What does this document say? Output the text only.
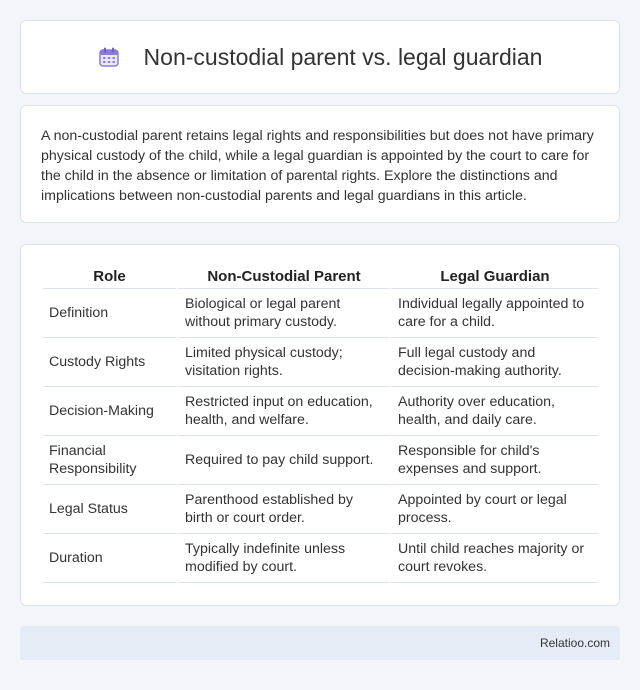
Non-custodial parent vs. legal guardian

A non-custodial parent retains legal rights and responsibilities but does not have primary physical custody of the child, while a legal guardian is appointed by the court to care for the child in the absence or limitation of parental rights. Explore the distinctions and implications between non-custodial parents and legal guardians in this article.

Role	Non-Custodial Parent	Legal Guardian
Definition	Biological or legal parent without primary custody.	Individual legally appointed to care for a child.
Custody Rights	Limited physical custody; visitation rights.	Full legal custody and decision-making authority.
Decision-Making	Restricted input on education, health, and welfare.	Authority over education, health, and daily care.
Financial Responsibility	Required to pay child support.	Responsible for child's expenses and support.
Legal Status	Parenthood established by birth or court order.	Appointed by court or legal process.
Duration	Typically indefinite unless modified by court.	Until child reaches majority or court revokes.
Relatioo.com
